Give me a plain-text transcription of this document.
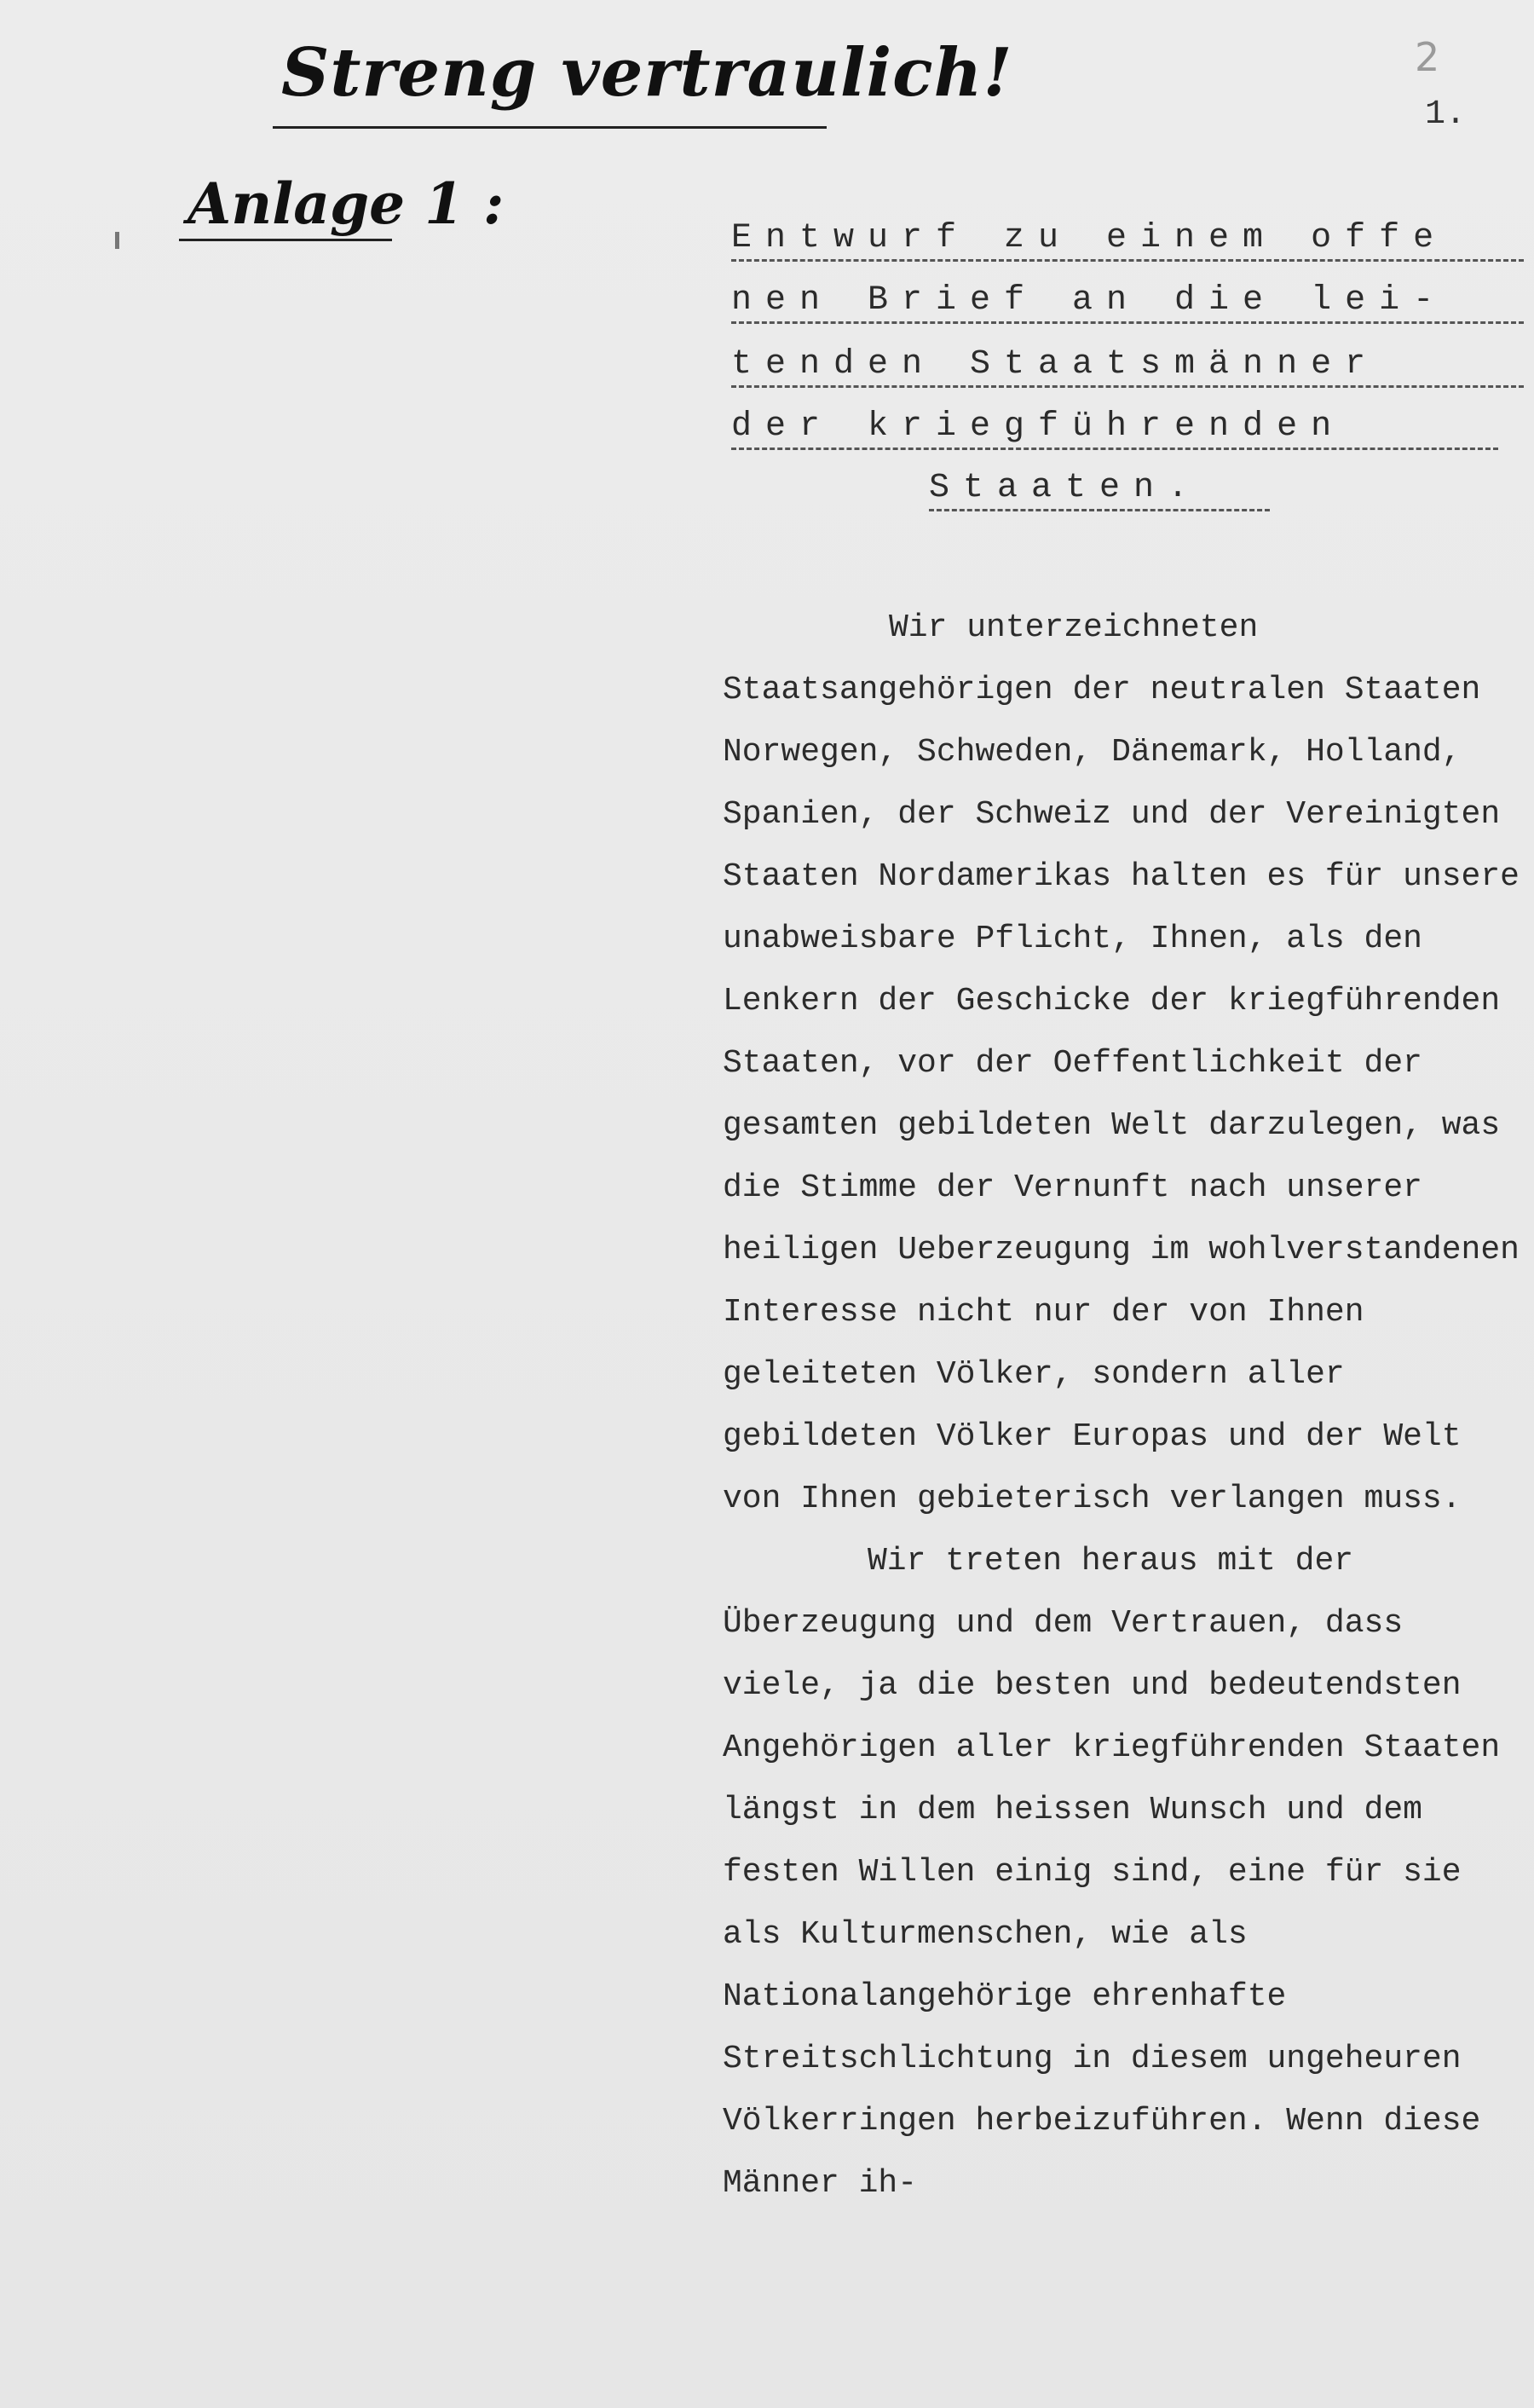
Streng vertraulich!
Anlage 1 :
2
1.
Entwurf zu einem offe
nen Brief an die lei-
tenden Staatsmänner
der kriegführenden
Staaten.

Wir unterzeichneten Staatsangehörigen der neutralen Staaten Norwegen, Schweden, Dänemark, Holland, Spanien, der Schweiz und der Vereinigten Staaten Nordamerikas halten es für unsere unabweisbare Pflicht, Ihnen, als den Lenkern der Geschicke der kriegführenden Staaten, vor der Oeffentlichkeit der gesamten gebildeten Welt darzulegen, was die Stimme der Vernunft nach unserer heiligen Ueberzeugung im wohlverstandenen Interesse nicht nur der von Ihnen geleiteten Völker, sondern aller gebildeten Völker Europas und der Welt von Ihnen gebieterisch verlangen muss.

Wir treten heraus mit der Überzeugung und dem Vertrauen, dass viele, ja die besten und bedeutendsten Angehörigen aller kriegführenden Staaten längst in dem heissen Wunsch und dem festen Willen einig sind, eine für sie als Kulturmenschen, wie als Nationalangehörige ehrenhafte Streitschlichtung in diesem ungeheuren Völkerringen herbeizuführen. Wenn diese Männer ih-
